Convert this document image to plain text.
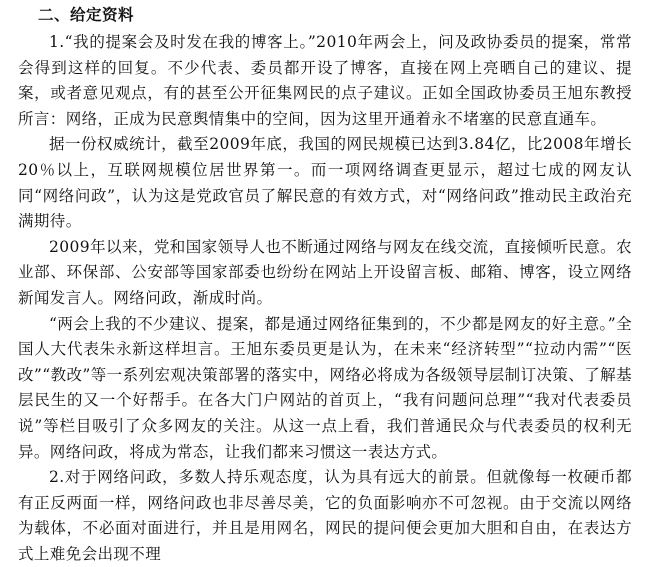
二、给定资料

1.“我的提案会及时发在我的博客上。”2010年两会上，问及政协委员的提案，常常会得到这样的回复。不少代表、委员都开设了博客，直接在网上亮晒自己的建议、提案，或者意见观点，有的甚至公开征集网民的点子建议。正如全国政协委员王旭东教授所言：网络，正成为民意舆情集中的空间，因为这里开通着永不堵塞的民意直通车。

据一份权威统计，截至2009年底，我国的网民规模已达到3.84亿，比2008年增长20％以上，互联网规模位居世界第一。而一项网络调查更显示，超过七成的网友认同“网络问政”，认为这是党政官员了解民意的有效方式，对“网络问政”推动民主政治充满期待。

2009年以来，党和国家领导人也不断通过网络与网友在线交流，直接倾听民意。农业部、环保部、公安部等国家部委也纷纷在网站上开设留言板、邮箱、博客，设立网络新闻发言人。网络问政，渐成时尚。

“两会上我的不少建议、提案，都是通过网络征集到的，不少都是网友的好主意。”全国人大代表朱永新这样坦言。王旭东委员更是认为，在未来“经济转型”“拉动内需”“医改”“教改”等一系列宏观决策部署的落实中，网络必将成为各级领导层制订决策、了解基层民生的又一个好帮手。在各大门户网站的首页上，“我有问题问总理”“我对代表委员说”等栏目吸引了众多网友的关注。从这一点上看，我们普通民众与代表委员的权利无异。网络问政，将成为常态，让我们都来习惯这一表达方式。

2.对于网络问政，多数人持乐观态度，认为具有远大的前景。但就像每一枚硬币都有正反两面一样，网络问政也非尽善尽美，它的负面影响亦不可忽视。由于交流以网络为载体，不必面对面进行，并且是用网名，网民的提问便会更加大胆和自由，在表达方式上难免会出现不理
